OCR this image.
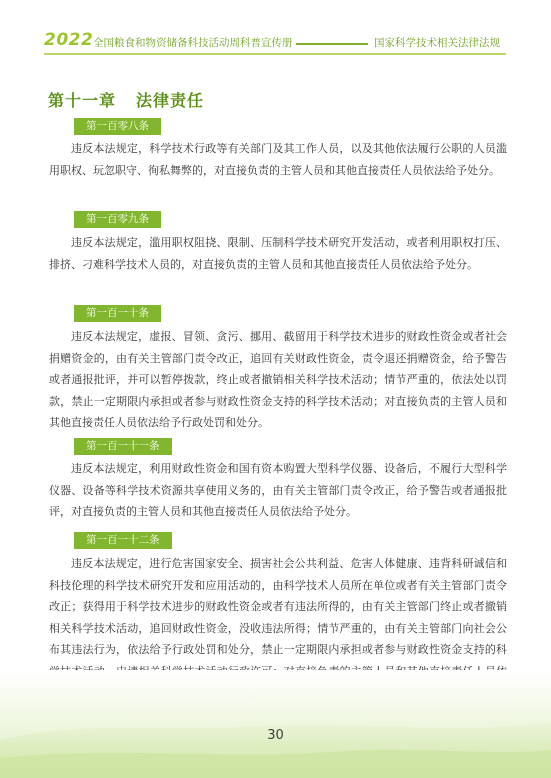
2022 全国粮食和物资储备科技活动周科普宣传册	国家科学技术相关法律法规
第十一章 法律责任
第一百零八条
违反本法规定，科学技术行政等有关部门及其工作人员，以及其他依法履行公职的人员滥用职权、玩忽职守、徇私舞弊的，对直接负责的主管人员和其他直接责任人员依法给予处分。
第一百零九条
违反本法规定，滥用职权阻挠、限制、压制科学技术研究开发活动，或者利用职权打压、排挤、刁难科学技术人员的，对直接负责的主管人员和其他直接责任人员依法给予处分。
第一百一十条
违反本法规定，虚报、冒领、贪污、挪用、截留用于科学技术进步的财政性资金或者社会捐赠资金的，由有关主管部门责令改正，追回有关财政性资金，责令退还捐赠资金，给予警告或者通报批评，并可以暂停拨款，终止或者撤销相关科学技术活动；情节严重的，依法处以罚款，禁止一定期限内承担或者参与财政性资金支持的科学技术活动；对直接负责的主管人员和其他直接责任人员依法给予行政处罚和处分。
第一百一十一条
违反本法规定，利用财政性资金和国有资本购置大型科学仪器、设备后，不履行大型科学仪器、设备等科学技术资源共享使用义务的，由有关主管部门责令改正，给予警告或者通报批评，对直接负责的主管人员和其他直接责任人员依法给予处分。
第一百一十二条
违反本法规定，进行危害国家安全、损害社会公共利益、危害人体健康、违背科研诚信和科技伦理的科学技术研究开发和应用活动的，由科学技术人员所在单位或者有关主管部门责令改正；获得用于科学技术进步的财政性资金或者有违法所得的，由有关主管部门终止或者撤销相关科学技术活动，追回财政性资金，没收违法所得；情节严重的，由有关主管部门向社会公布其违法行为，依法给予行政处罚和处分，禁止一定期限内承担或者参与财政性资金支持的科
30
